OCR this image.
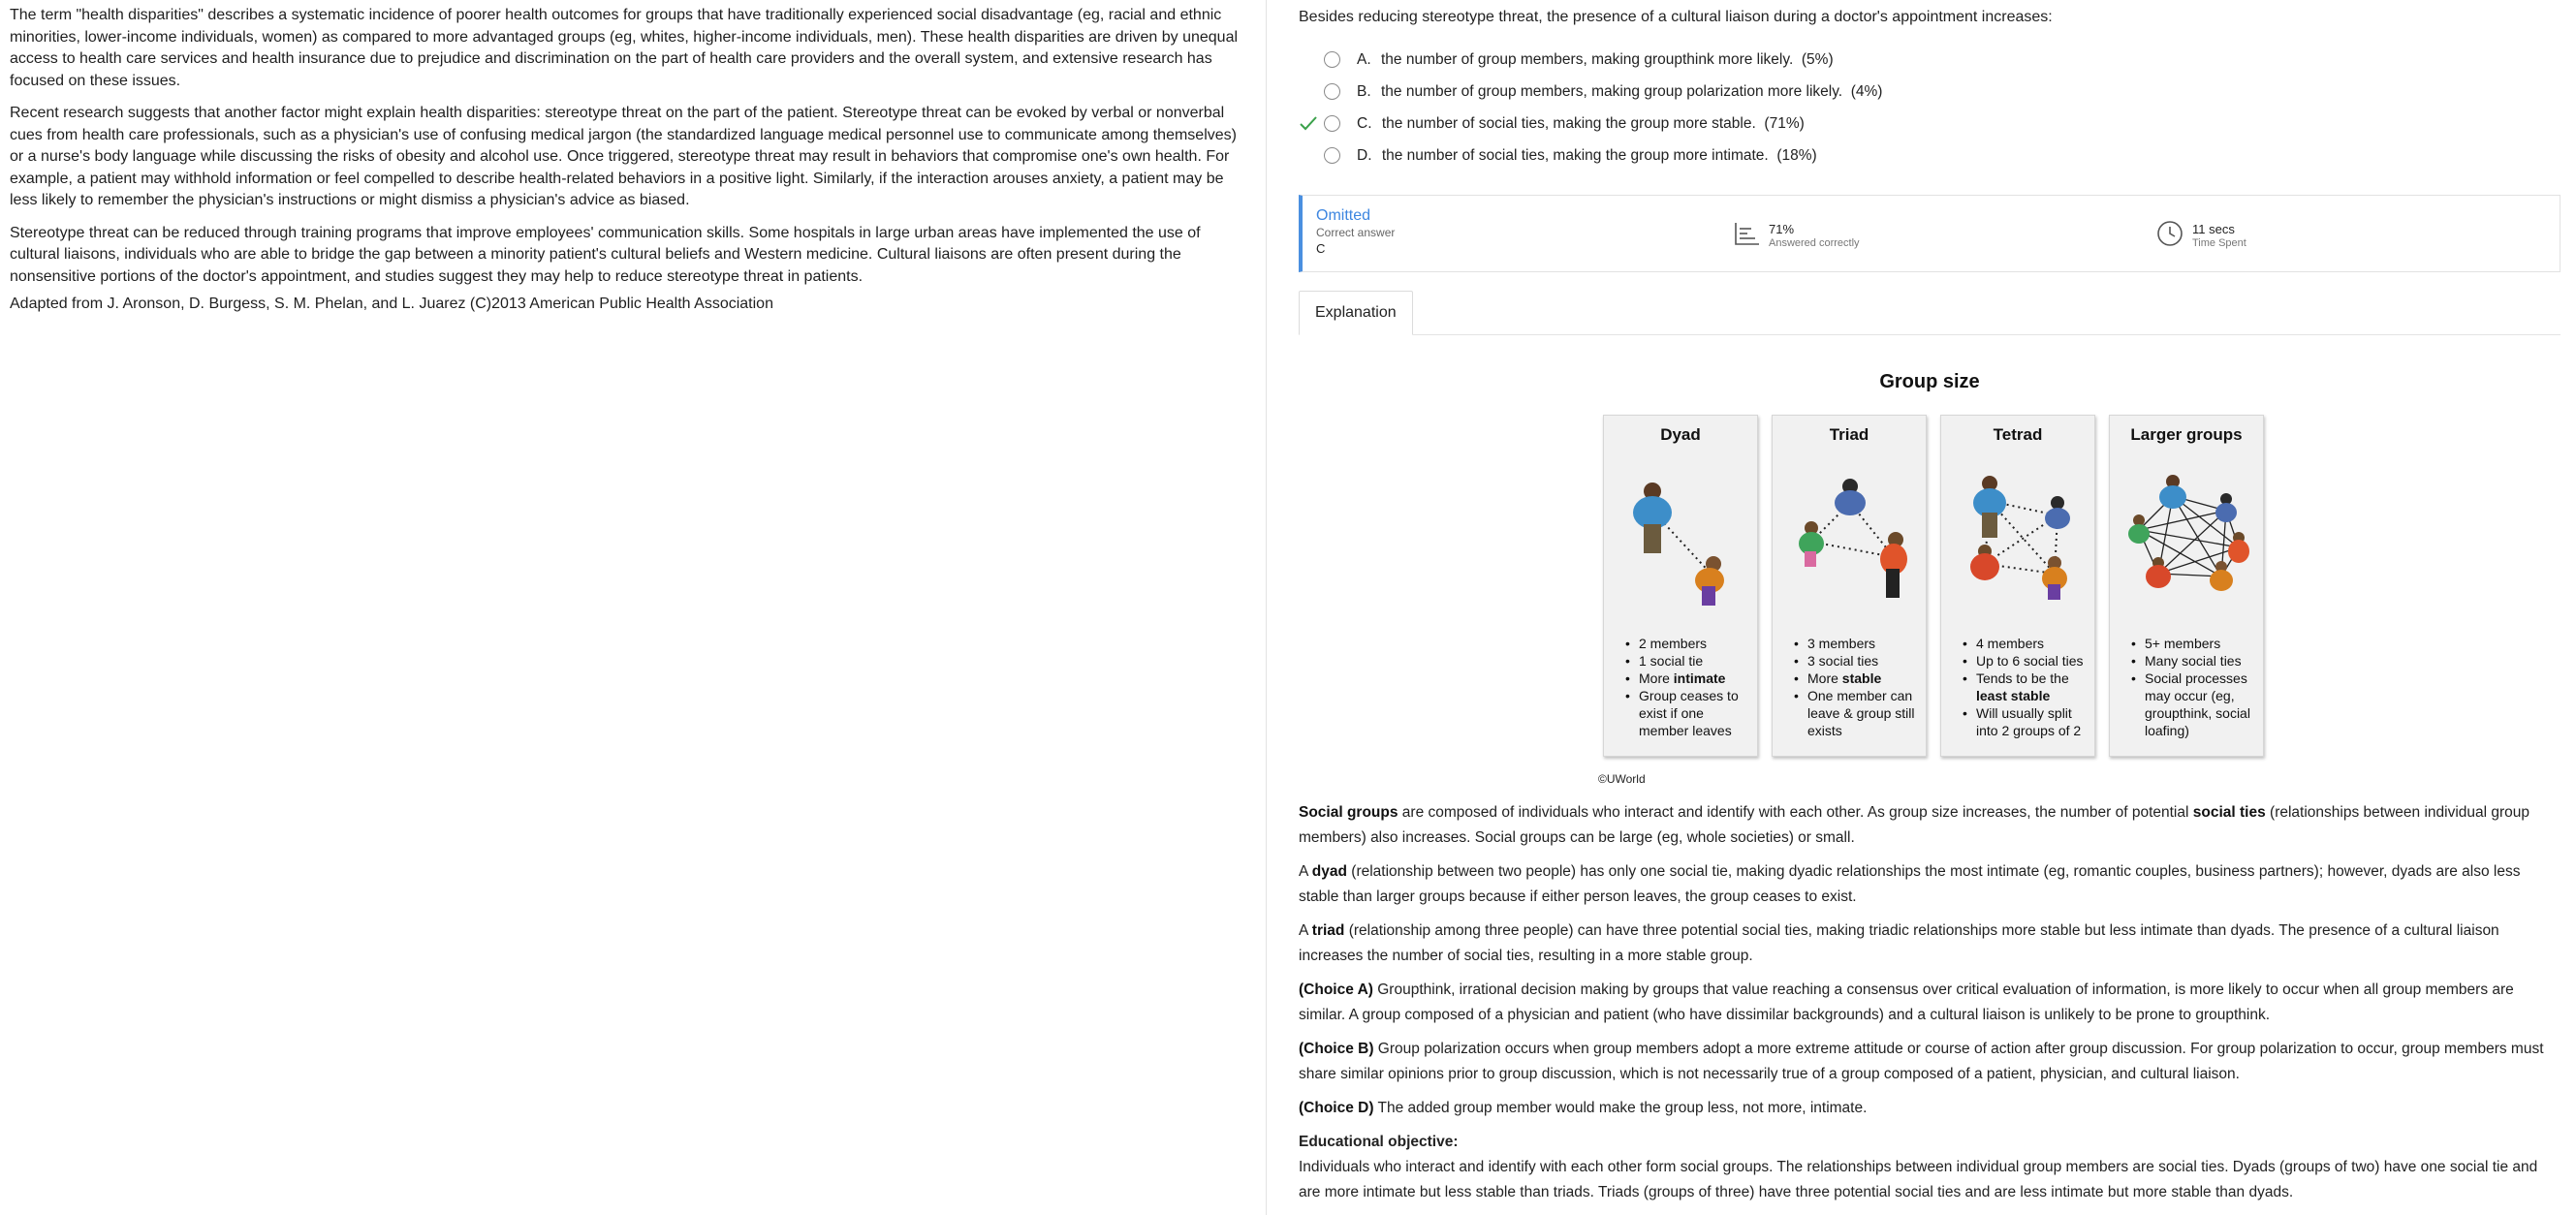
The term "health disparities" describes a systematic incidence of poorer health outcomes for groups that have traditionally experienced social disadvantage (eg, racial and ethnic minorities, lower-income individuals, women) as compared to more advantaged groups (eg, whites, higher-income individuals, men). These health disparities are driven by unequal access to health care services and health insurance due to prejudice and discrimination on the part of health care providers and the overall system, and extensive research has focused on these issues.

Recent research suggests that another factor might explain health disparities: stereotype threat on the part of the patient. Stereotype threat can be evoked by verbal or nonverbal cues from health care professionals, such as a physician's use of confusing medical jargon (the standardized language medical personnel use to communicate among themselves) or a nurse's body language while discussing the risks of obesity and alcohol use. Once triggered, stereotype threat may result in behaviors that compromise one's own health. For example, a patient may withhold information or feel compelled to describe health-related behaviors in a positive light. Similarly, if the interaction arouses anxiety, a patient may be less likely to remember the physician's instructions or might dismiss a physician's advice as biased.

Stereotype threat can be reduced through training programs that improve employees' communication skills. Some hospitals in large urban areas have implemented the use of cultural liaisons, individuals who are able to bridge the gap between a minority patient's cultural beliefs and Western medicine. Cultural liaisons are often present during the nonsensitive portions of the doctor's appointment, and studies suggest they may help to reduce stereotype threat in patients.

Adapted from J. Aronson, D. Burgess, S. M. Phelan, and L. Juarez (C)2013 American Public Health Association

Besides reducing stereotype threat, the presence of a cultural liaison during a doctor's appointment increases:
A. the number of group members, making groupthink more likely. (5%)
B. the number of group members, making group polarization more likely. (4%)
C. the number of social ties, making the group more stable. (71%)
D. the number of social ties, making the group more intimate. (18%)
Omitted
Correct answer
C
71%
Answered correctly
11 secs
Time Spent
Explanation
Group size
Dyad
• 2 members
• 1 social tie
• More intimate
• Group ceases to exist if one member leaves
Triad
• 3 members
• 3 social ties
• More stable
• One member can leave & group still exists
Tetrad
• 4 members
• Up to 6 social ties
• Tends to be the least stable
• Will usually split into 2 groups of 2
Larger groups
• 5+ members
• Many social ties
• Social processes may occur (eg, groupthink, social loafing)
©UWorld

Social groups are composed of individuals who interact and identify with each other. As group size increases, the number of potential social ties (relationships between individual group members) also increases. Social groups can be large (eg, whole societies) or small.

A dyad (relationship between two people) has only one social tie, making dyadic relationships the most intimate (eg, romantic couples, business partners); however, dyads are also less stable than larger groups because if either person leaves, the group ceases to exist.

A triad (relationship among three people) can have three potential social ties, making triadic relationships more stable but less intimate than dyads. The presence of a cultural liaison increases the number of social ties, resulting in a more stable group.

(Choice A) Groupthink, irrational decision making by groups that value reaching a consensus over critical evaluation of information, is more likely to occur when all group members are similar. A group composed of a physician and patient (who have dissimilar backgrounds) and a cultural liaison is unlikely to be prone to groupthink.

(Choice B) Group polarization occurs when group members adopt a more extreme attitude or course of action after group discussion. For group polarization to occur, group members must share similar opinions prior to group discussion, which is not necessarily true of a group composed of a patient, physician, and cultural liaison.

(Choice D) The added group member would make the group less, not more, intimate.

Educational objective:

Individuals who interact and identify with each other form social groups. The relationships between individual group members are social ties. Dyads (groups of two) have one social tie and are more intimate but less stable than triads. Triads (groups of three) have three potential social ties and are less intimate but more stable than dyads.
